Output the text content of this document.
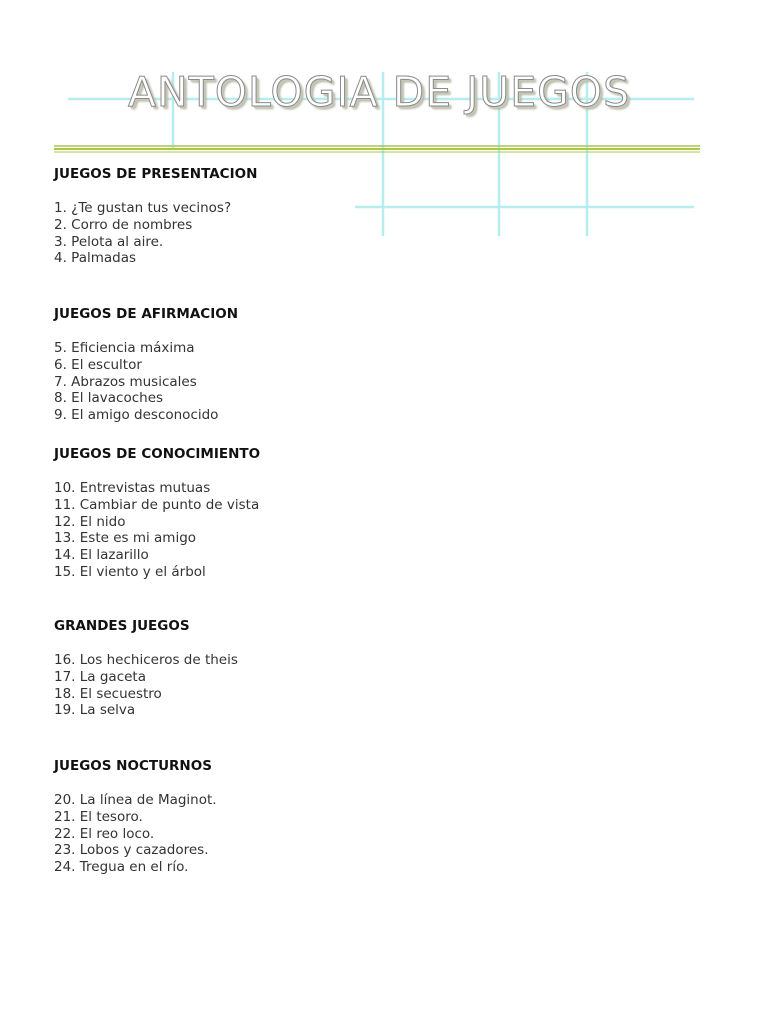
ANTOLOGIA DE JUEGOS
JUEGOS DE PRESENTACION
1. ¿Te gustan tus vecinos?
2. Corro de nombres
3. Pelota al aire.
4. Palmadas
JUEGOS DE AFIRMACION
5. Eficiencia máxima
6. El escultor
7. Abrazos musicales
8. El lavacoches
9. El amigo desconocido
JUEGOS DE CONOCIMIENTO
10. Entrevistas mutuas
11. Cambiar de punto de vista
12. El nido
13. Este es mi amigo
14. El lazarillo
15. El viento y el árbol
GRANDES JUEGOS
16. Los hechiceros de theis
17. La gaceta
18. El secuestro
19. La selva
JUEGOS NOCTURNOS
20. La línea de Maginot.
21. El tesoro.
22. El reo loco.
23. Lobos y cazadores.
24. Tregua en el río.
